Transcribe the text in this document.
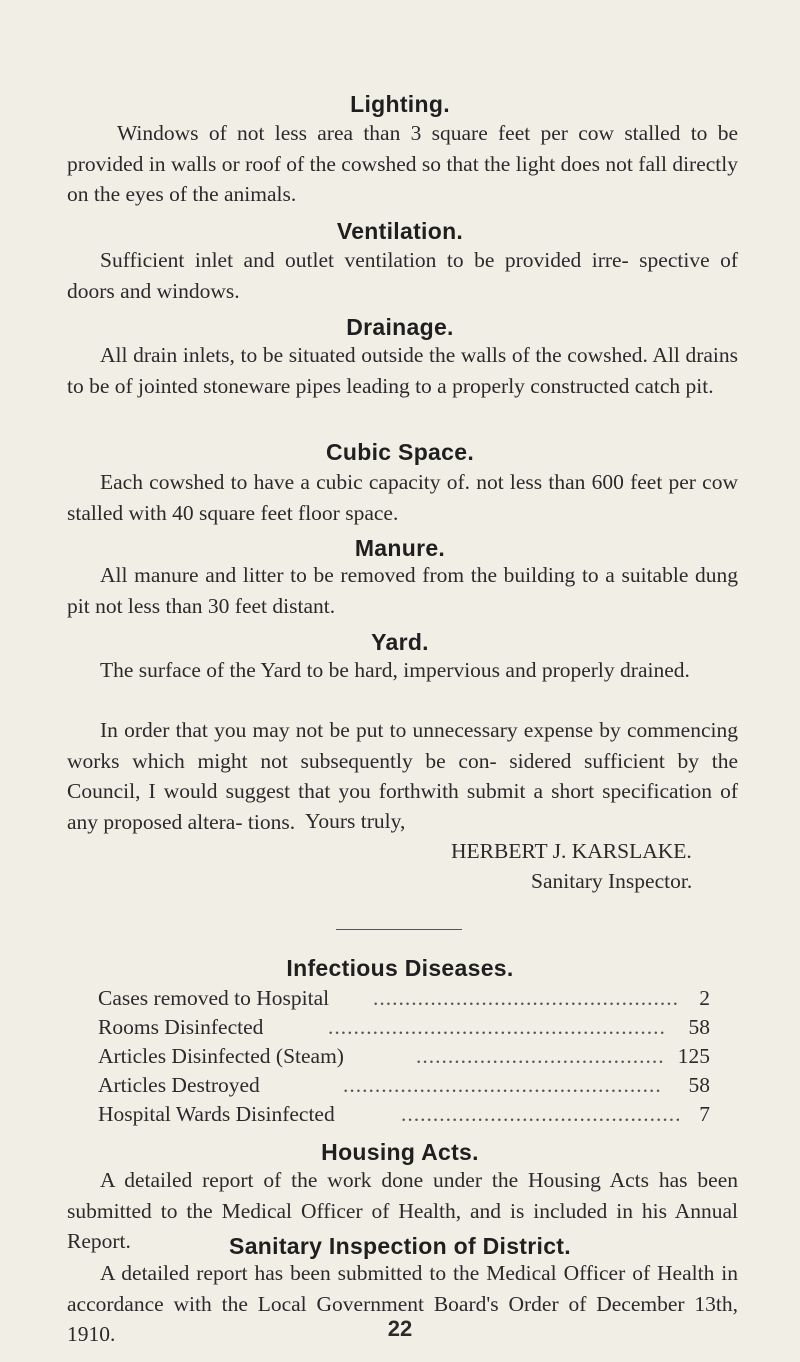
Lighting.
Windows of not less area than 3 square feet per cow stalled to be provided in walls or roof of the cowshed so that the light does not fall directly on the eyes of the animals.
Ventilation.
Sufficient inlet and outlet ventilation to be provided irre- spective of doors and windows.
Drainage.
All drain inlets, to be situated outside the walls of the cowshed. All drains to be of jointed stoneware pipes leading to a properly constructed catch pit.
Cubic Space.
Each cowshed to have a cubic capacity of. not less than 600 feet per cow stalled with 40 square feet floor space.
Manure.
All manure and litter to be removed from the building to a suitable dung pit not less than 30 feet distant.
Yard.
The surface of the Yard to be hard, impervious and properly drained.
In order that you may not be put to unnecessary expense by commencing works which might not subsequently be con- sidered sufficient by the Council, I would suggest that you forthwith submit a short specification of any proposed altera- tions. Yours truly,
HERBERT J. KARSLAKE.
Sanitary Inspector.
Infectious Diseases.
Cases removed to Hospital ................................................ 2
Rooms Disinfected	..................................................... 58
Articles Disinfected (Steam)	....................................... 125
Articles Destroyed	.................................................. 58
Hospital Wards Disinfected	............................................ 7
Housing Acts.
A detailed report of the work done under the Housing Acts has been submitted to the Medical Officer of Health, and is included in his Annual Report.	Sanitary Inspection of District.
A detailed report has been submitted to the Medical Officer of Health in accordance with the Local Government Board's Order of December 13th, 1910.	22
